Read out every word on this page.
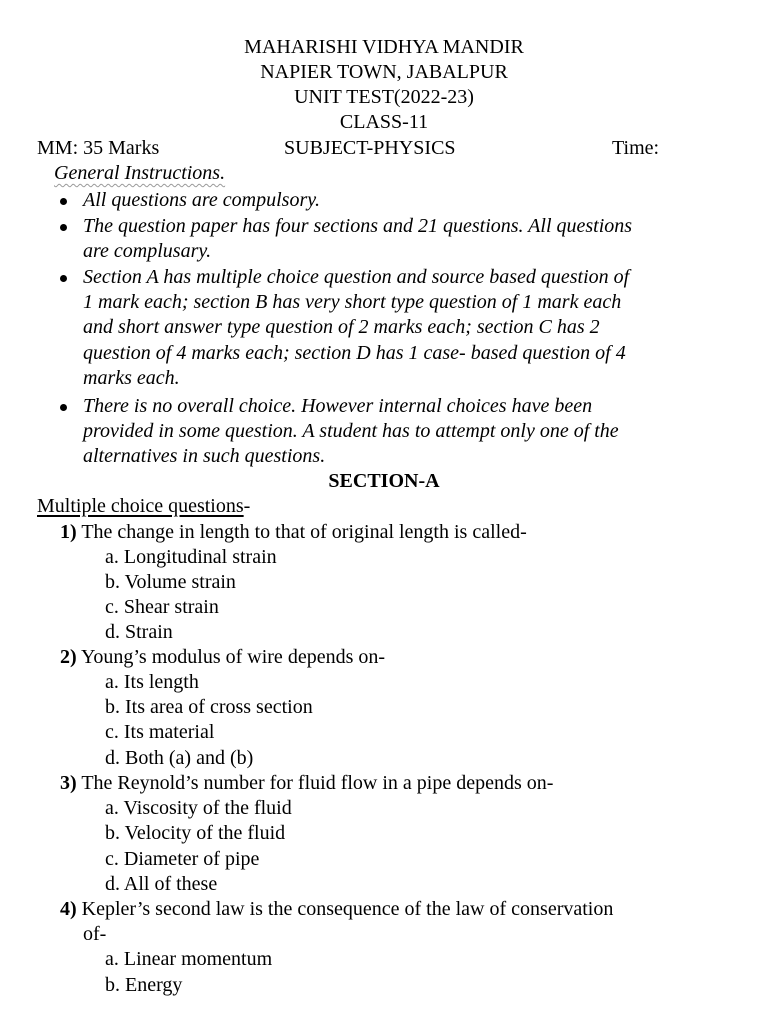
MAHARISHI VIDHYA MANDIR
NAPIER TOWN, JABALPUR
UNIT TEST(2022-23)
CLASS-11
MM: 35 Marks	SUBJECT-PHYSICS	Time:
General Instructions.
All questions are compulsory.
The question paper has four sections and 21 questions. All questions
are complusary.
Section A has multiple choice question and source based question of
1 mark each; section B has very short type question of 1 mark each
and short answer type question of 2 marks each; section C has 2
question of 4 marks each; section D has 1 case- based question of 4
marks each.
There is no overall choice. However internal choices have been
provided in some question. A student has to attempt only one of the
alternatives in such questions.
SECTION-A
Multiple choice questions-
1) The change in length to that of original length is called-
a. Longitudinal strain
b. Volume strain
c. Shear strain
d. Strain
2) Young’s modulus of wire depends on-
a. Its length
b. Its area of cross section
c. Its material
d. Both (a) and (b)
3) The Reynold’s number for fluid flow in a pipe depends on-
a. Viscosity of the fluid
b. Velocity of the fluid
c. Diameter of pipe
d. All of these
4) Kepler’s second law is the consequence of the law of conservation
of-
a. Linear momentum
b. Energy
